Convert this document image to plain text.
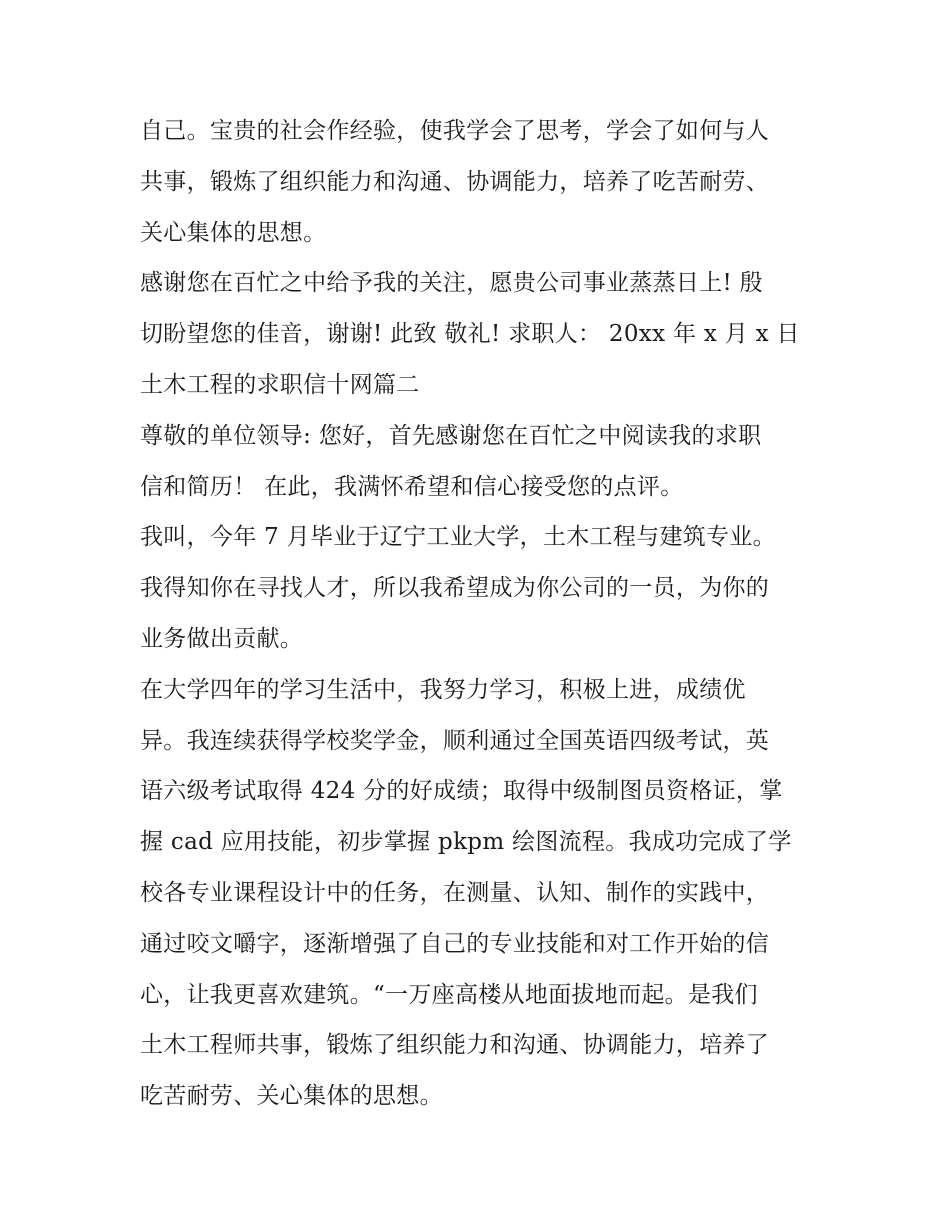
自己。宝贵的社会作经验，使我学会了思考，学会了如何与人
共事，锻炼了组织能力和沟通、协调能力，培养了吃苦耐劳、
关心集体的思想。
感谢您在百忙之中给予我的关注，愿贵公司事业蒸蒸日上! 殷
切盼望您的佳音，谢谢! 此致 敬礼! 求职人： 20xx 年 x 月 x 日
土木工程的求职信十网篇二
尊敬的单位领导: 您好，首先感谢您在百忙之中阅读我的求职
信和简历！ 在此，我满怀希望和信心接受您的点评。
我叫，今年 7 月毕业于辽宁工业大学，土木工程与建筑专业。
我得知你在寻找人才，所以我希望成为你公司的一员，为你的
业务做出贡献。
在大学四年的学习生活中，我努力学习，积极上进，成绩优
异。我连续获得学校奖学金，顺利通过全国英语四级考试，英
语六级考试取得 424 分的好成绩；取得中级制图员资格证，掌
握 cad 应用技能，初步掌握 pkpm 绘图流程。我成功完成了学
校各专业课程设计中的任务，在测量、认知、制作的实践中，
通过咬文嚼字，逐渐增强了自己的专业技能和对工作开始的信
心，让我更喜欢建筑。“一万座高楼从地面拔地而起。是我们
土木工程师共事，锻炼了组织能力和沟通、协调能力，培养了
吃苦耐劳、关心集体的思想。
